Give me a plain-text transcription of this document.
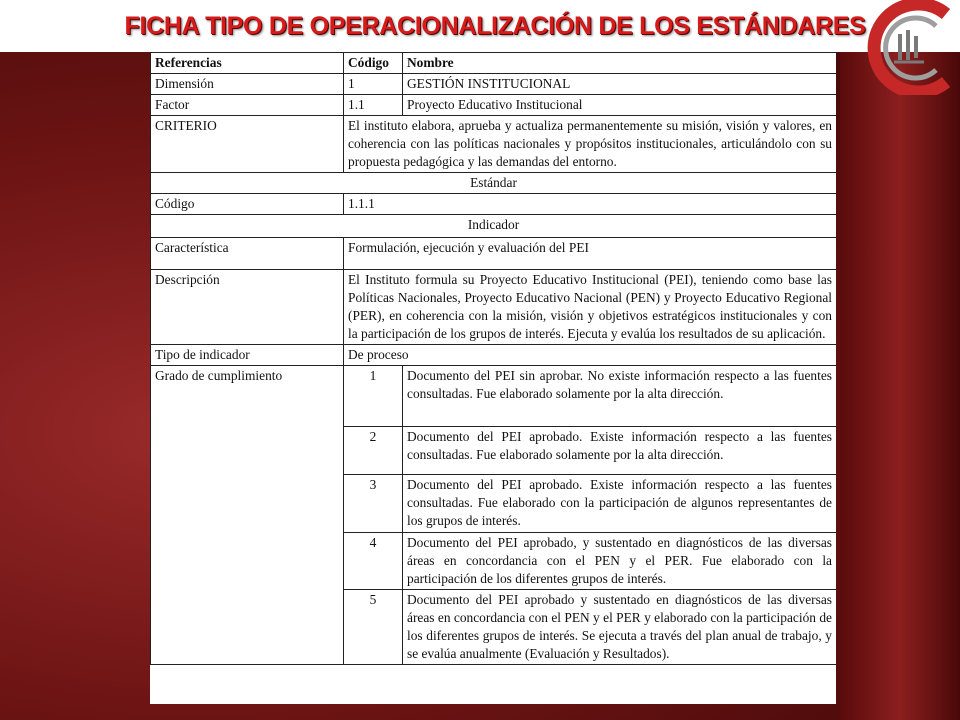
FICHA TIPO DE OPERACIONALIZACIÓN DE LOS ESTÁNDARES
Referencias	Código	Nombre
Dimensión	1	GESTIÓN INSTITUCIONAL
Factor	1.1	Proyecto Educativo Institucional
CRITERIO	El instituto elabora, aprueba y actualiza permanentemente su misión, visión y valores, en coherencia con las políticas nacionales y propósitos institucionales, articulándolo con su propuesta pedagógica y las demandas del entorno.	
Estándar		
Código	1.1.1	
Indicador		
Característica	Formulación, ejecución y evaluación del PEI	
Descripción	El Instituto formula su Proyecto Educativo Institucional (PEI), teniendo como base las Políticas Nacionales, Proyecto Educativo Nacional (PEN) y Proyecto Educativo Regional (PER), en coherencia con la misión, visión y objetivos estratégicos institucionales y con la participación de los grupos de interés. Ejecuta y evalúa los resultados de su aplicación.	
Tipo de indicador	De proceso	
Grado de cumplimiento	1	Documento del PEI sin aprobar. No existe información respecto a las fuentes consultadas. Fue elaborado solamente por la alta dirección.
	2	Documento del PEI aprobado. Existe información respecto a las fuentes consultadas. Fue elaborado solamente por la alta dirección.
	3	Documento del PEI aprobado. Existe información respecto a las fuentes consultadas. Fue elaborado con la participación de algunos representantes de los grupos de interés.
	4	Documento del PEI aprobado, y sustentado en diagnósticos de las diversas áreas en concordancia con el PEN y el PER. Fue elaborado con la participación de los diferentes grupos de interés.
	5	Documento del PEI aprobado y sustentado en diagnósticos de las diversas áreas en concordancia con el PEN y el PER y elaborado con la participación de los diferentes grupos de interés. Se ejecuta a través del plan anual de trabajo, y se evalúa anualmente (Evaluación y Resultados).
